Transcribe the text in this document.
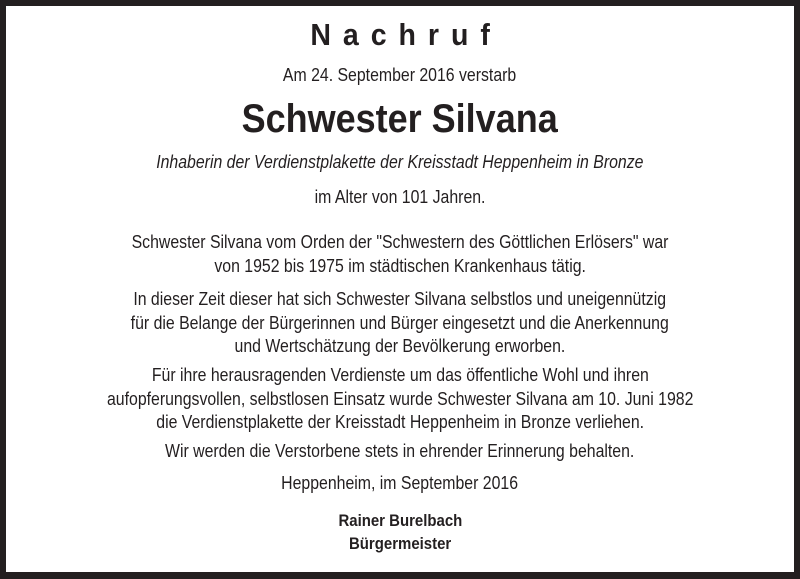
Nachruf
Am 24. September 2016 verstarb
Schwester Silvana
Inhaberin der Verdienstplakette der Kreisstadt Heppenheim in Bronze
im Alter von 101 Jahren.
Schwester Silvana vom Orden der "Schwestern des Göttlichen Erlösers" war
von 1952 bis 1975 im städtischen Krankenhaus tätig.
In dieser Zeit dieser hat sich Schwester Silvana selbstlos und uneigennützig
für die Belange der Bürgerinnen und Bürger eingesetzt und die Anerkennung
und Wertschätzung der Bevölkerung erworben.
Für ihre herausragenden Verdienste um das öffentliche Wohl und ihren
aufopferungsvollen, selbstlosen Einsatz wurde Schwester Silvana am 10. Juni 1982
die Verdienstplakette der Kreisstadt Heppenheim in Bronze verliehen.
Wir werden die Verstorbene stets in ehrender Erinnerung behalten.
Heppenheim, im September 2016
Rainer Burelbach
Bürgermeister
